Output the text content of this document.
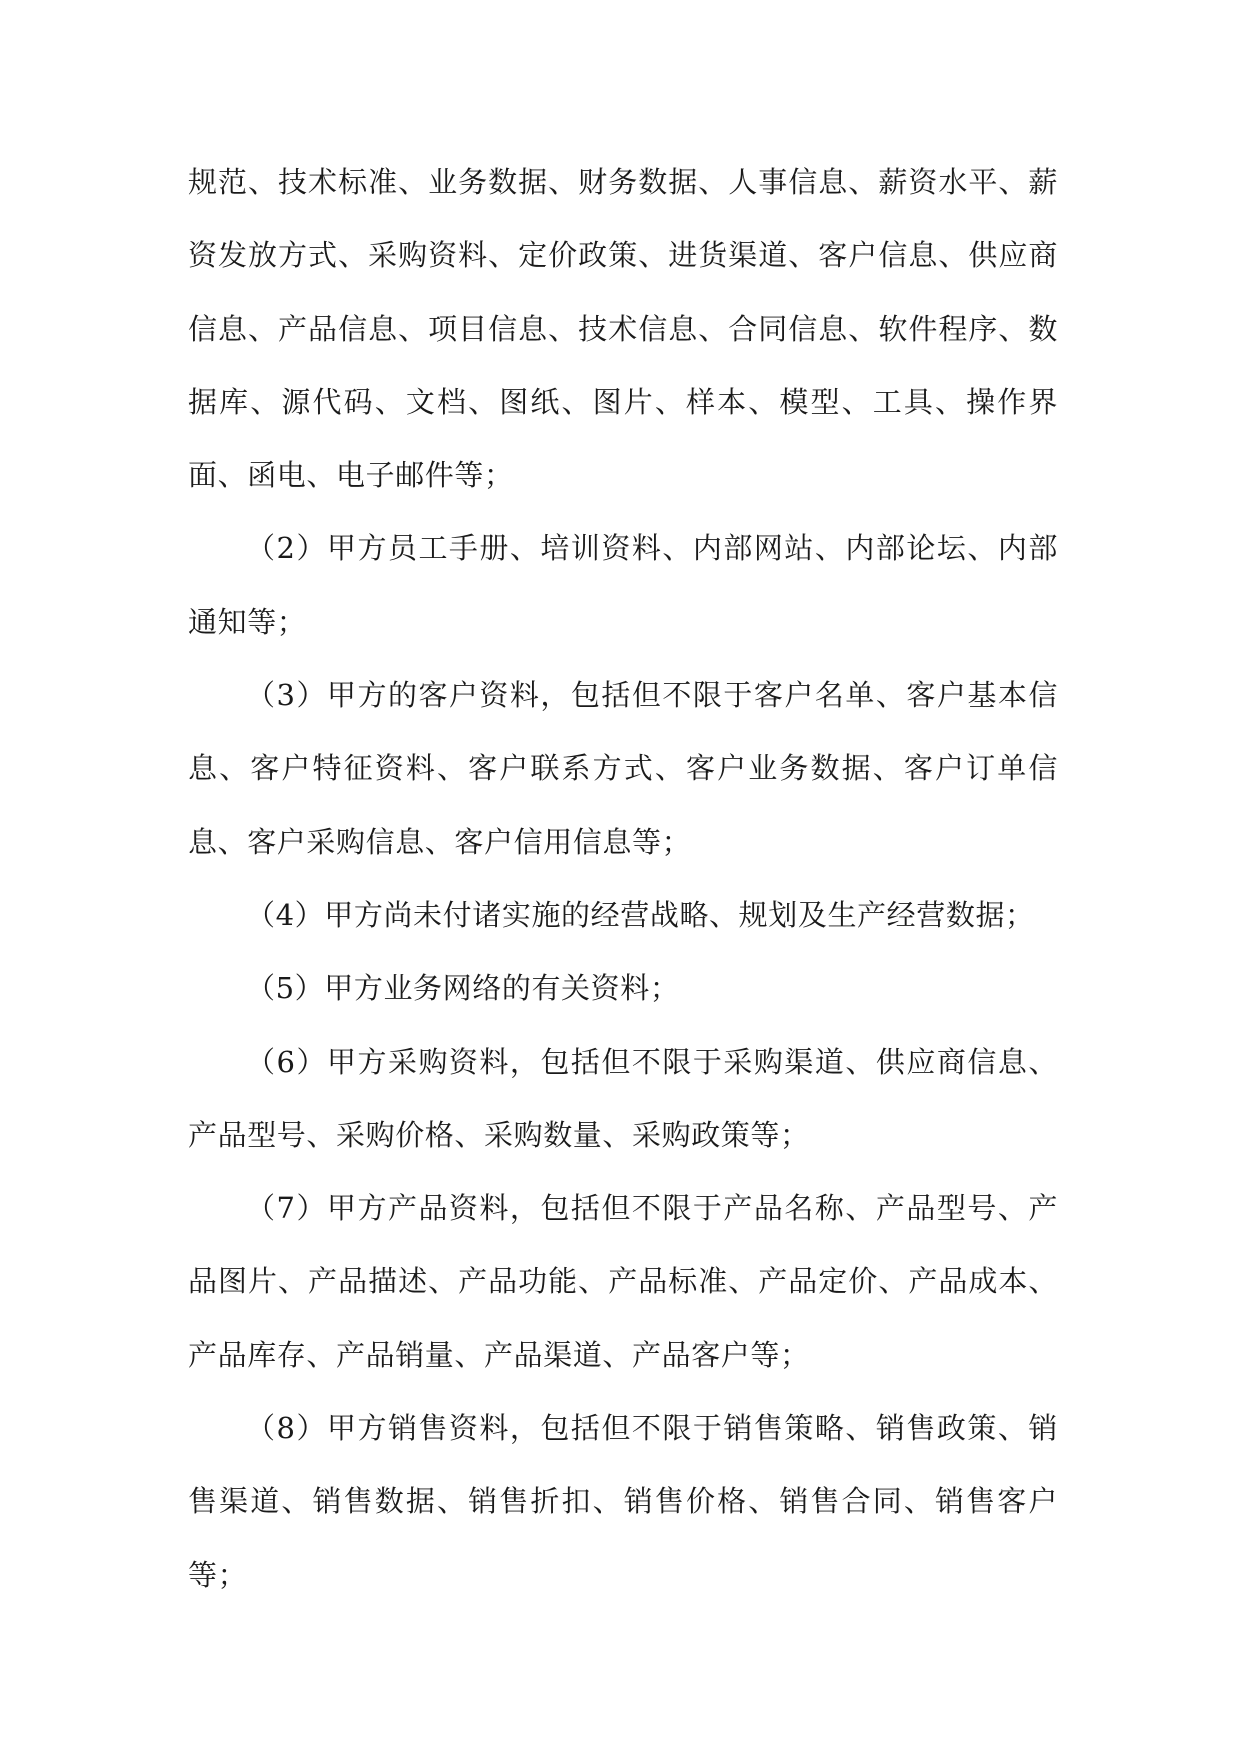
规范、技术标准、业务数据、财务数据、人事信息、薪资水平、薪资发放方式、采购资料、定价政策、进货渠道、客户信息、供应商信息、产品信息、项目信息、技术信息、合同信息、软件程序、数据库、源代码、文档、图纸、图片、样本、模型、工具、操作界面、函电、电子邮件等；

（2）甲方员工手册、培训资料、内部网站、内部论坛、内部通知等；

（3）甲方的客户资料，包括但不限于客户名单、客户基本信息、客户特征资料、客户联系方式、客户业务数据、客户订单信息、客户采购信息、客户信用信息等；

（4）甲方尚未付诸实施的经营战略、规划及生产经营数据；

（5）甲方业务网络的有关资料；

（6）甲方采购资料，包括但不限于采购渠道、供应商信息、产品型号、采购价格、采购数量、采购政策等；

（7）甲方产品资料，包括但不限于产品名称、产品型号、产品图片、产品描述、产品功能、产品标准、产品定价、产品成本、产品库存、产品销量、产品渠道、产品客户等；

（8）甲方销售资料，包括但不限于销售策略、销售政策、销售渠道、销售数据、销售折扣、销售价格、销售合同、销售客户等；
